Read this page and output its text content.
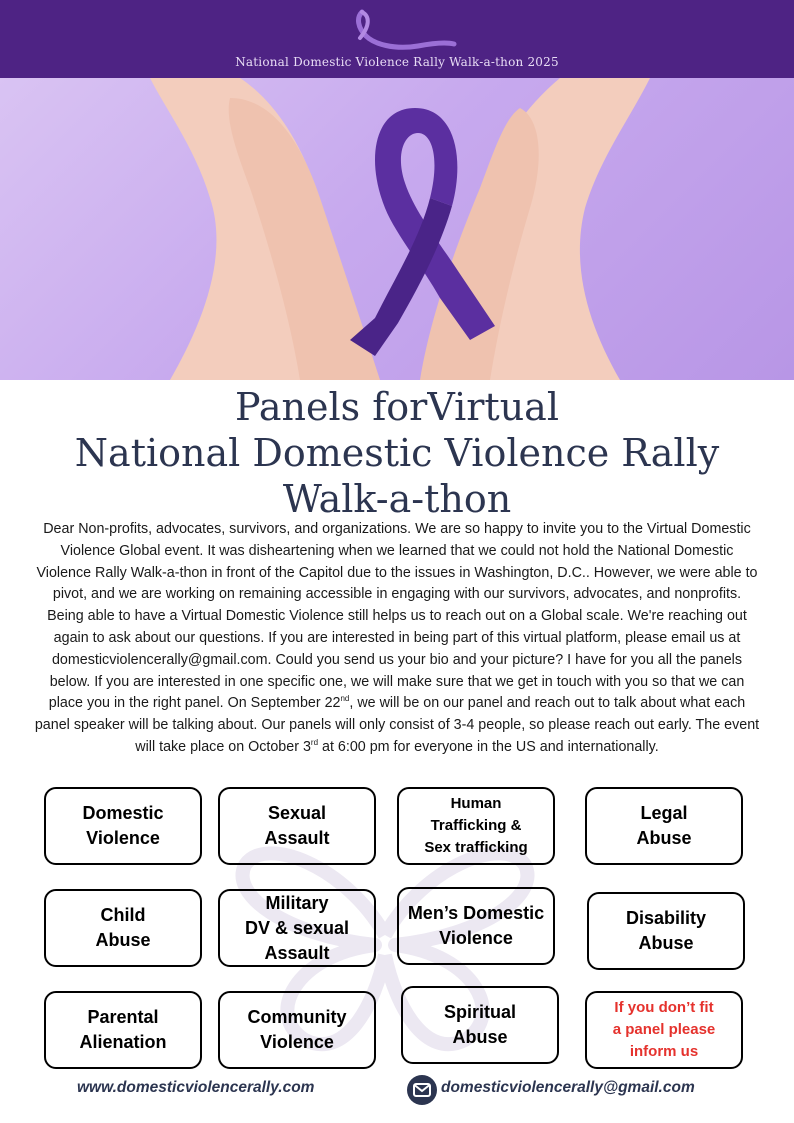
National Domestic Violence Rally Walk-a-thon 2025
Panels forVirtual
National Domestic Violence Rally
Walk-a-thon
Dear Non-profits, advocates, survivors, and organizations. We are so happy to invite you to the Virtual Domestic Violence Global event. It was disheartening when we learned that we could not hold the National Domestic Violence Rally Walk-a-thon in front of the Capitol due to the issues in Washington, D.C.. However, we were able to pivot, and we are working on remaining accessible in engaging with our survivors, advocates, and nonprofits. Being able to have a Virtual Domestic Violence still helps us to reach out on a Global scale. We're reaching out again to ask about our questions. If you are interested in being part of this virtual platform, please email us at domesticviolencerally@gmail.com. Could you send us your bio and your picture? I have for you all the panels below. If you are interested in one specific one, we will make sure that we get in touch with you so that we can place you in the right panel. On September 22nd, we will be on our panel and reach out to talk about what each panel speaker will be talking about. Our panels will only consist of 3-4 people, so please reach out early. The event will take place on October 3rd at 6:00 pm for everyone in the US and internationally.
Domestic
Violence
Sexual
Assault
Human
Trafficking &
Sex trafficking
Legal
Abuse
Child
Abuse
Military
DV & sexual
Assault
Men’s Domestic
Violence
Disability
Abuse
Parental
Alienation
Community
Violence
Spiritual
Abuse
If you don’t fit
a panel please
inform us
www.domesticviolencerally.com	domesticviolencerally@gmail.com
